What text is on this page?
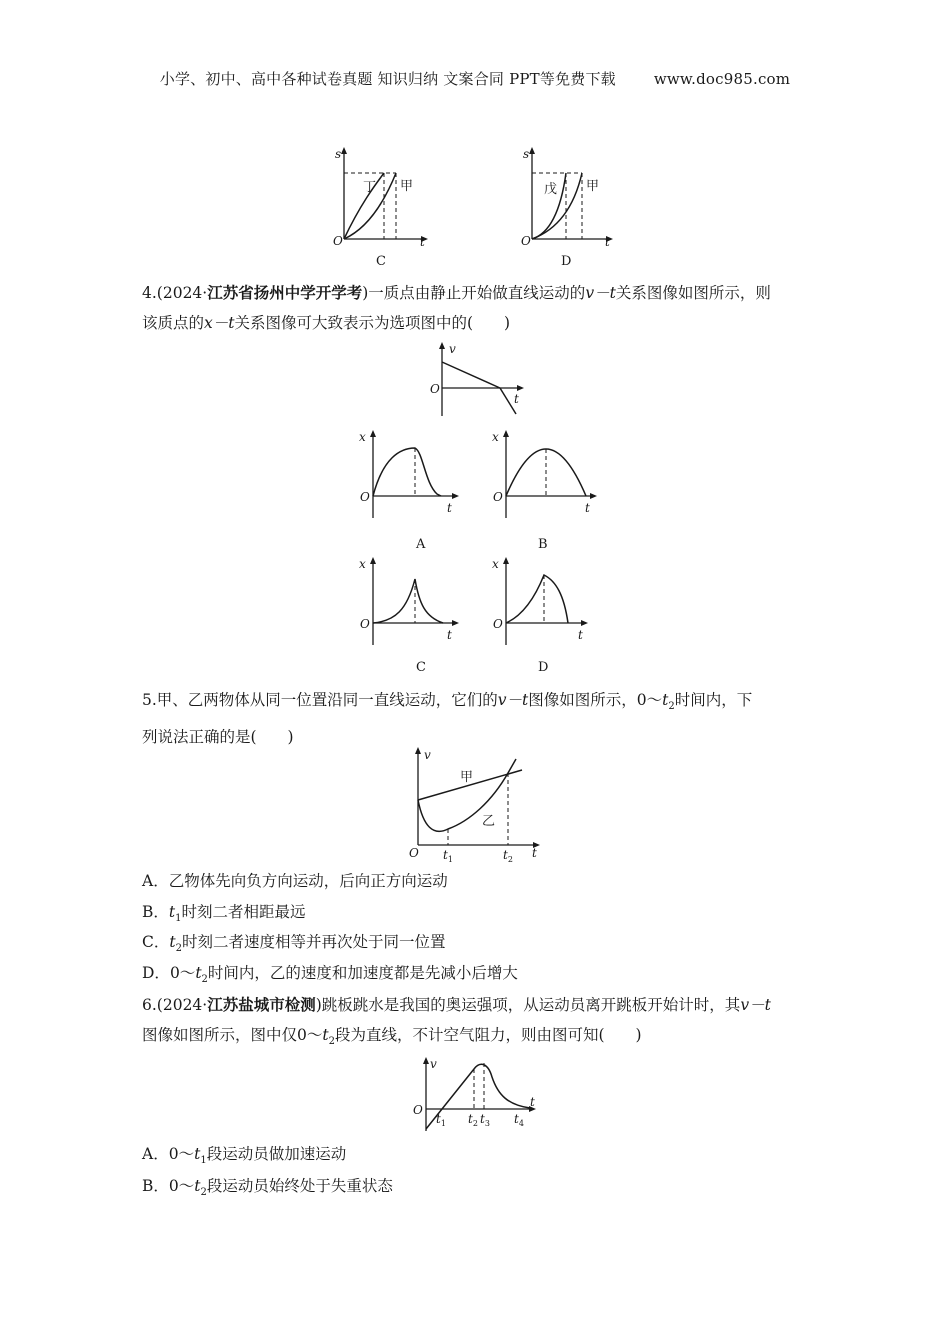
小学、初中、高中各种试卷真题 知识归纳 文案合同 PPT等免费下载	www.doc985.com
s
t
O
丁 甲
C
s
t
O
戊 甲
D
4.(2024·江苏省扬州中学开学考)一质点由静止开始做直线运动的v－t关系图像如图所示，则
该质点的x－t关系图像可大致表示为选项图中的(　　)
v
t
O
x
t
O
A
x
t
O
B
x
t
O
C
x
t
O
D
5.甲、乙两物体从同一位置沿同一直线运动，它们的v－t图像如图所示，$0\sim t_2$时间内，下
列说法正确的是(　　)
v
t
O
甲
乙
$t_1$	$t_2$
A．乙物体先向负方向运动，后向正方向运动
B．$t_1$时刻二者相距最远
C．$t_2$时刻二者速度相等并再次处于同一位置
D．$0\sim t_2$时间内，乙的速度和加速度都是先减小后增大
6.(2024·江苏盐城市检测)跳板跳水是我国的奥运强项，从运动员离开跳板开始计时，其v－t
图像如图所示，图中仅$0\sim t_2$段为直线，不计空气阻力，则由图可知(　　)
v
t
O
$t_1$ $t_2$ $t_3$ $t_4$
A．$0\sim t_1$段运动员做加速运动
B．$0\sim t_2$段运动员始终处于失重状态
